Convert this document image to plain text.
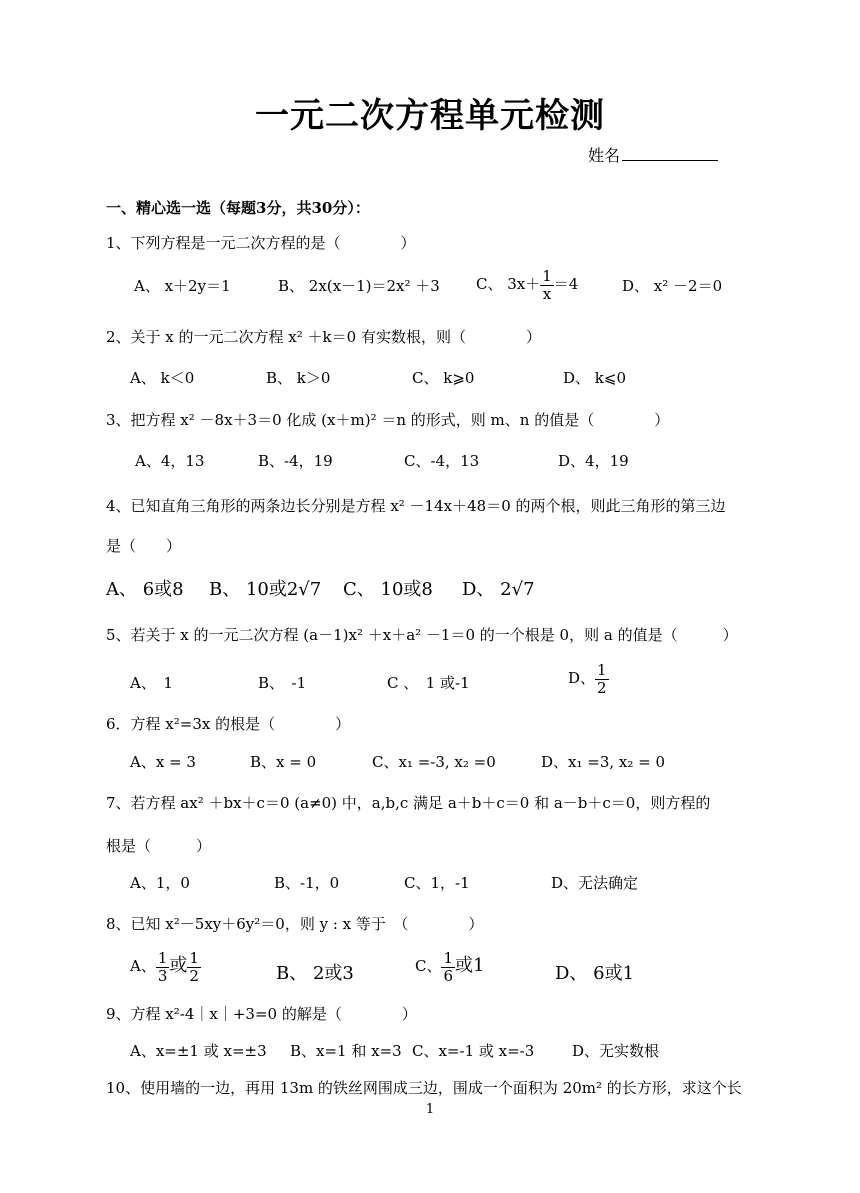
一元二次方程单元检测
姓名
一、精心选一选（每题3分，共30分）：
1、下列方程是一元二次方程的是（　　　　）
A、 x＋2y＝1	B、 2x(x－1)＝2x² ＋3 C、 $3x+ \frac{1}{x} =4$	D、 x² －2＝0
2、关于 x 的一元二次方程 x² ＋k＝0 有实数根，则（　　　　）
A、 k＜0	B、 k＞0	C、 k⩾0	D、 k⩽0
3、把方程 x² －8x＋3＝0 化成 (x＋m)² ＝n 的形式，则 m、n 的值是（　　　　）
A、4，13	B、-4，19	C、-4，13	D、4，19
4、已知直角三角形的两条边长分别是方程 x² －14x＋48＝0 的两个根，则此三角形的第三边
是（　　）
A、 6或8 B、 10或2√7 C、 10或8 D、 2√7
5、若关于 x 的一元二次方程 (a－1)x² ＋x＋a² －1＝0 的一个根是 0，则 a 的值是（　　　）
A、　1	B、　-1	C 、　1 或-1	D、 $\frac{1}{2}$
6．方程 x²=3x 的根是（　　　　）
A、x = 3	B、x = 0	C、x₁ =-3, x₂ =0	D、x₁ =3, x₂ = 0
7、若方程 ax² ＋bx＋c＝0 (a≠0) 中，a,b,c 满足 a＋b＋c＝0 和 a－b＋c＝0，则方程的
根是（　　　）
A、1，0	B、-1，0	C、1，-1	D、无法确定
8、已知 x²－5xy＋6y²＝0，则 y : x 等于　（　　　　）
A、 $\frac{1}{3}$ 或 $\frac{1}{2}$	B、 2或3	C、 $\frac{1}{6}$ 或1	D、 6或1
9、方程 x²-4｜x｜+3=0 的解是（　　　　）
A、x=±1 或 x=±3 B、x=1 和 x=3 C、x=-1 或 x=-3	D、无实数根
10、使用墙的一边，再用 13m 的铁丝网围成三边，围成一个面积为 20m² 的长方形，求这个长
1
